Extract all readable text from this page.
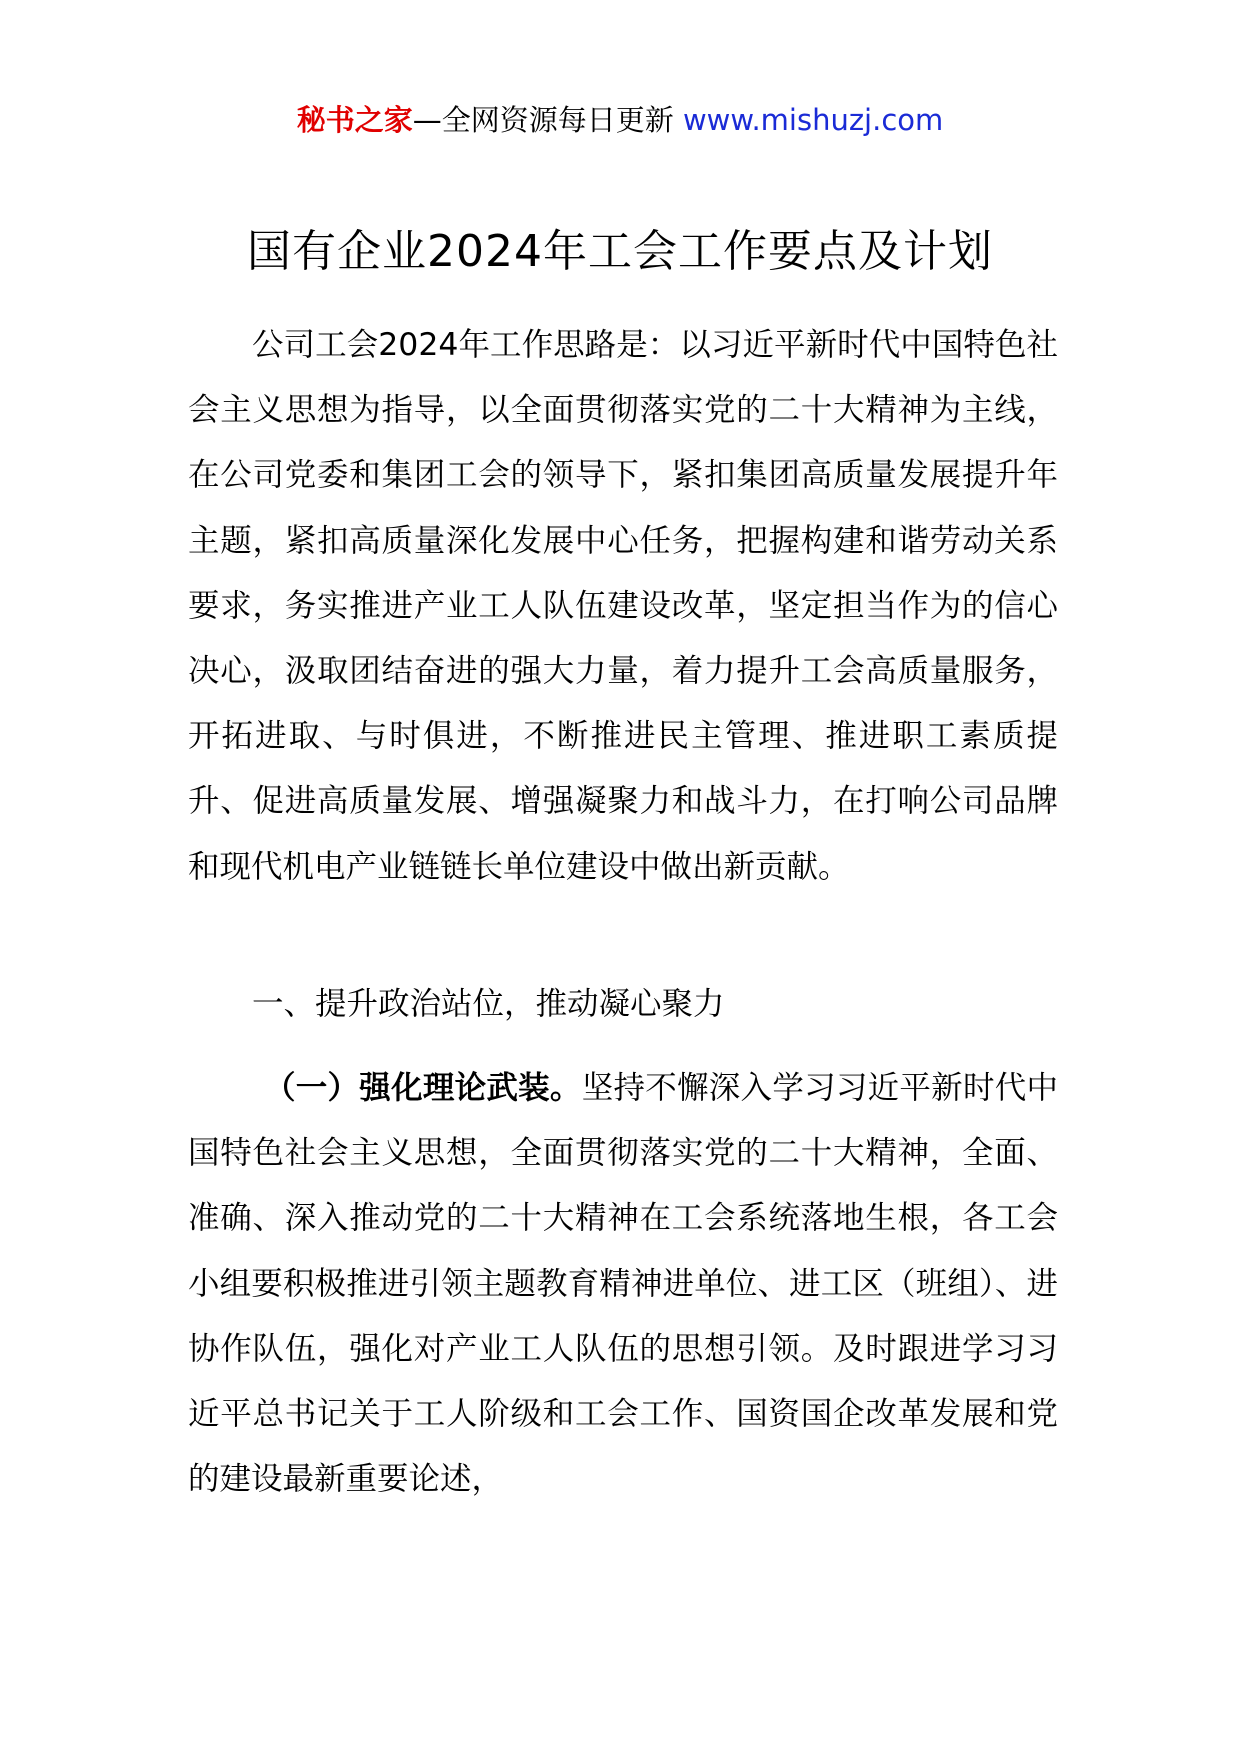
秘书之家—全网资源每日更新 www.mishuzj.com
国有企业2024年工会工作要点及计划

公司工会2024年工作思路是：以习近平新时代中国特色社会主义思想为指导，以全面贯彻落实党的二十大精神为主线，在公司党委和集团工会的领导下，紧扣集团高质量发展提升年主题，紧扣高质量深化发展中心任务，把握构建和谐劳动关系要求，务实推进产业工人队伍建设改革，坚定担当作为的信心决心，汲取团结奋进的强大力量，着力提升工会高质量服务，开拓进取、与时俱进，不断推进民主管理、推进职工素质提升、促进高质量发展、增强凝聚力和战斗力，在打响公司品牌和现代机电产业链链长单位建设中做出新贡献。

一、提升政治站位，推动凝心聚力

（一）强化理论武装。坚持不懈深入学习习近平新时代中国特色社会主义思想，全面贯彻落实党的二十大精神，全面、准确、深入推动党的二十大精神在工会系统落地生根，各工会小组要积极推进引领主题教育精神进单位、进工区（班组）、进协作队伍，强化对产业工人队伍的思想引领。及时跟进学习习近平总书记关于工人阶级和工会工作、国资国企改革发展和党的建设最新重要论述，
